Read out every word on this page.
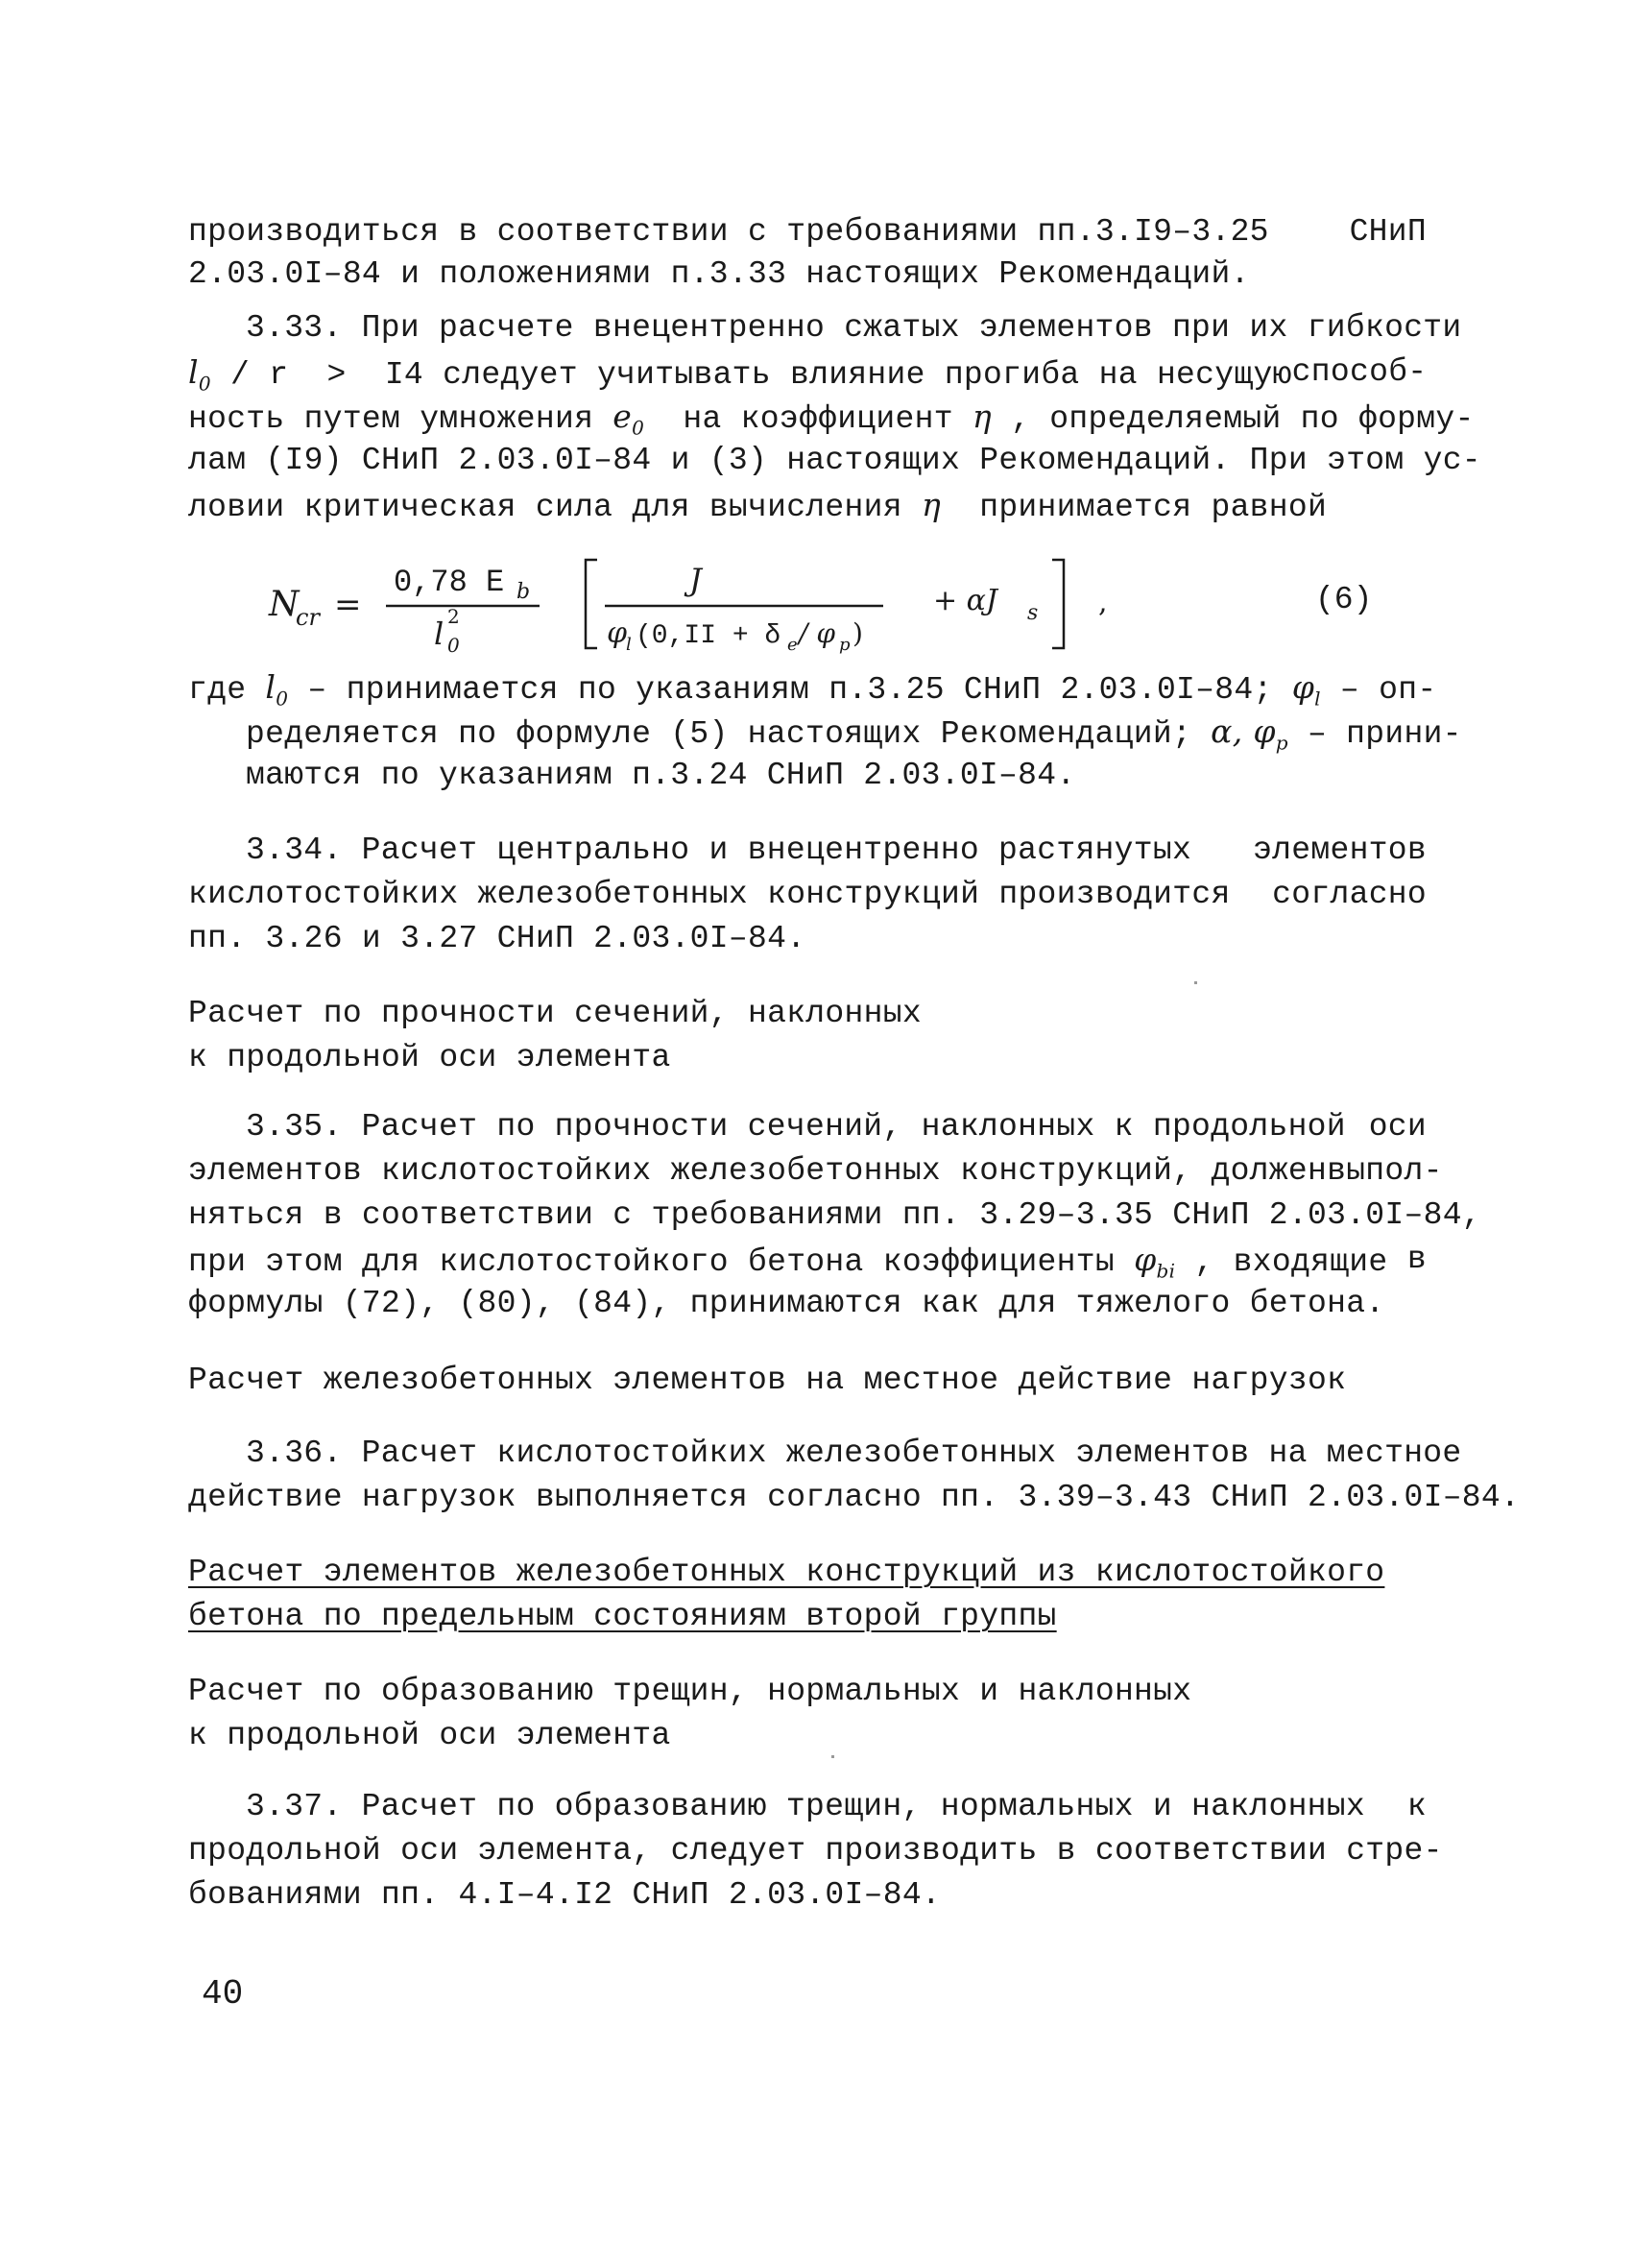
производиться в соответствии с требованиями пп.3.I9–3.25	СНиП
2.03.0I–84 и положениями п.3.33 настоящих Рекомендаций.
3.33. При расчете внецентренно сжатых элементов при их гибкости
$l_0 / r > I4$ следует учитывать влияние прогиба на несущую способ-
ность путем умножения $e_0$  на коэффициент η , определяемый по форму-
лам (I9) СНиП 2.03.0I–84 и (3) настоящих Рекомендаций. При этом ус-
ловии критическая сила для вычисления η  принимается равной
N
cr =
0,78 E b
l 2
0
J
φ
l (0,II + δ e / φ p )
+ αJ s ,	(6)
где $l_0$ – принимается по указаниям п.3.25 СНиП 2.03.0I–84; $\varphi_l - оп-$
ределяется по формуле (5) настоящих Рекомендаций; α, $\varphi_p$ – прини-
маются по указаниям п.3.24 СНиП 2.03.0I–84.
3.34. Расчет центрально и внецентренно растянутых элементов
кислотостойких железобетонных конструкций производится согласно
пп. 3.26 и 3.27 СНиП 2.03.0I–84.
Расчет по прочности сечений, наклонных
к продольной оси элемента
3.35. Расчет по прочности сечений, наклонных к продольной оси
элементов кислотостойких железобетонных конструкций, должен выпол-
няться в соответствии с требованиями пп. 3.29–3.35 СНиП 2.03.0I–84,
при этом для кислотостойкого бетона коэффициенты $\varphi_{bi}$ , входящие в
формулы (72), (80), (84), принимаются как для тяжелого бетона.
Расчет железобетонных элементов на местное действие нагрузок
3.36. Расчет кислотостойких железобетонных элементов на местное
действие нагрузок выполняется согласно пп. 3.39–3.43 СНиП 2.03.0I–84.
Расчет элементов железобетонных конструкций из кислотостойкого
бетона по предельным состояниям второй группы
Расчет по образованию трещин, нормальных и наклонных
к продольной оси элемента
3.37. Расчет по образованию трещин, нормальных и наклонных к
продольной оси элемента, следует производить в соответствии с тре-
бованиями пп. 4.I–4.I2 СНиП 2.03.0I–84.
40
